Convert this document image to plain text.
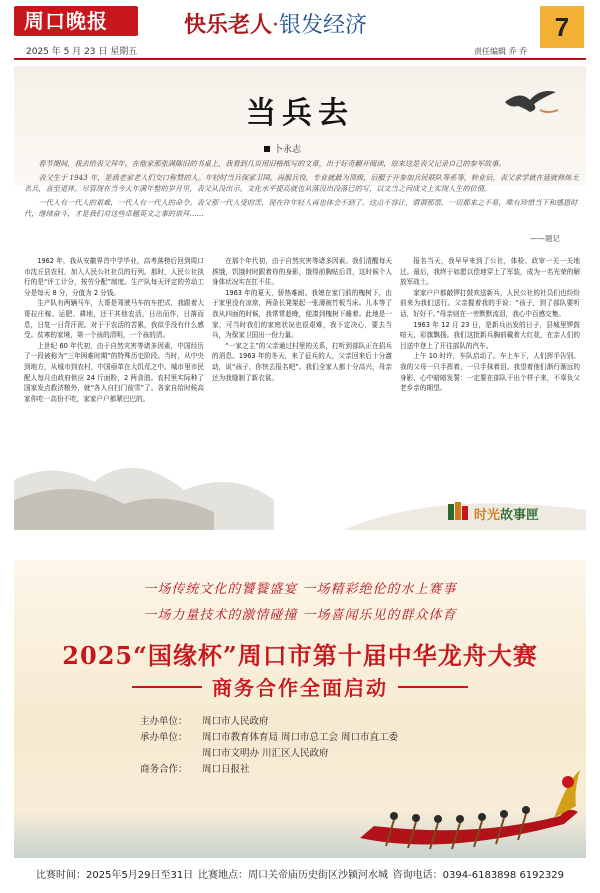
周口晚报
2025 年 5 月 23 日 星期五
快乐老人·银发经济
责任编辑 乔 乔
7
当兵去
卜永志

春节期间，我去给表父拜年。在他家那张满陈旧的书桌上，我看到几页用旧格纸写的文章，出于好奇翻开阅读，原来这是表父记录自己的参军故事。

表父生于 1943 年，是我老家老人们交口称赞的人。年轻时当兵保家卫国，再服兵役，专业就最为顶级，后服于开参加兵民联队等系等，转业后，表父求学就在延就修炼无名兵，直至退休。尽管现在当今大年满年整的岁月里，表父从没出示。文化水平提高就也从落没出没落已的写，以文当之问成文上实现人生的价值。

一代人有一代人的艰难，一代人有一代人的命令。表父那一代人受的苦，现在许年轻人再也体会不到了。这点不容让，谓谓那票，一切都来之不易，唯有珍惜当下和感恩时代，继续奋斗，才是我们对这些卓越英文之事的崇拜……

——题记

1962 年，我从安徽界首中学毕业，高考落榜后回到周口市沈丘县农村，加入人民公社社员的行列。那时，人民公社执行的是“评工计分，按劳分配”制度。生产队每天评定的劳动工分是每天 8 分，分值为 2 分钱。

生产队有两辆马车，大哥是驾驶马车的车把式，我跟着大哥拉庄稼、运肥、耕地，还干其他农活，日出而作，日落而息，日复一日背汗泥。对于干农活的苦累，我似乎没有什么感受。贫寒的家境，第一个孩的清明，一个孩的清。

上世纪 60 年代初，由于自然灾害等诸多因素，中国经历了一段被称为“三年困难时期”的特殊历史阶段。当时，从中央到地方，从城市到农村，中国亟革在大饥荒之中。城市里市民配人每月由政府供应 24 斤面粉，2 两食油。农村里实际种了国家发点救济粮外，就“各人自扫门前雪”了。各家自给时候高家你吃一高份不吃，家家户户都紧巴巴的。

在那个年代初，由于自然灾害等诸多因素。我们清醒每天挨饿，饥饿时时跟着你的身影，饿得前胸贴后背，这时候个人身体状况实在扛不住。

1963 年的夏天，骄热难耐。我媳在家门前的槐树下，由于家里没有凉席，两条长凳架起一张薄被竹板当床。儿本等了我从四面的时候，我常常趁晚，便凑到槐树下睡着。此地是一家，可当时我们的家庭状况也很艰难，我下定决心，要去当兵，为保家卫国出一份力量。

“一家之主”的父亲通过村里的关系，打听到部队正在招兵的消息。1963 年的冬天，来了征兵的人，父亲回来后十分激动，说“孩子，你快去报名吧”。我们全家人都十分高兴，母亲还为我缝制了新衣裳。

报名当天，我早早来到了公社，体检、政审一关一关地过。最后，我终于如愿以偿地穿上了军装，成为一名光荣的解放军战士。

家家户户都敲锣打鼓欢送新兵，人民公社的社员们也纷纷前来为我们送行。父亲握着我的手说：“孩子，到了部队要听话，好好干。”母亲则在一旁默默流泪，我心中百感交集。

1963 年 12 月 23 日，是新兵出发的日子，县城里锣鼓喧天，彩旗飘扬。我们这批新兵胸前戴着大红花，在亲人们的目送中登上了开往部队的汽车。

上午 10 时许，车队启动了。车上车下，人们挥手告别。我的父母一只手挥着，一只手抹着泪。我望着他们渐行渐远的身影，心中暗暗发誓：一定要在部队干出个样子来，不辜负父老乡亲的期望。

时光故事匣
一场传统文化的饕餮盛宴 一场精彩绝伦的水上赛事
一场力量技术的激情碰撞 一场喜闻乐见的群众体育
2025“国缘杯”周口市第十届中华龙舟大赛
商务合作全面启动
主办单位：	周口市人民政府
承办单位：	周口市教育体育局 周口市总工会 周口市直工委
周口市文明办 川汇区人民政府
商务合作：	周口日报社
比赛时间：2025年5月29日至31日 比赛地点：周口关帝庙历史街区沙颍河水城 咨询电话：0394-6183898 6192329
